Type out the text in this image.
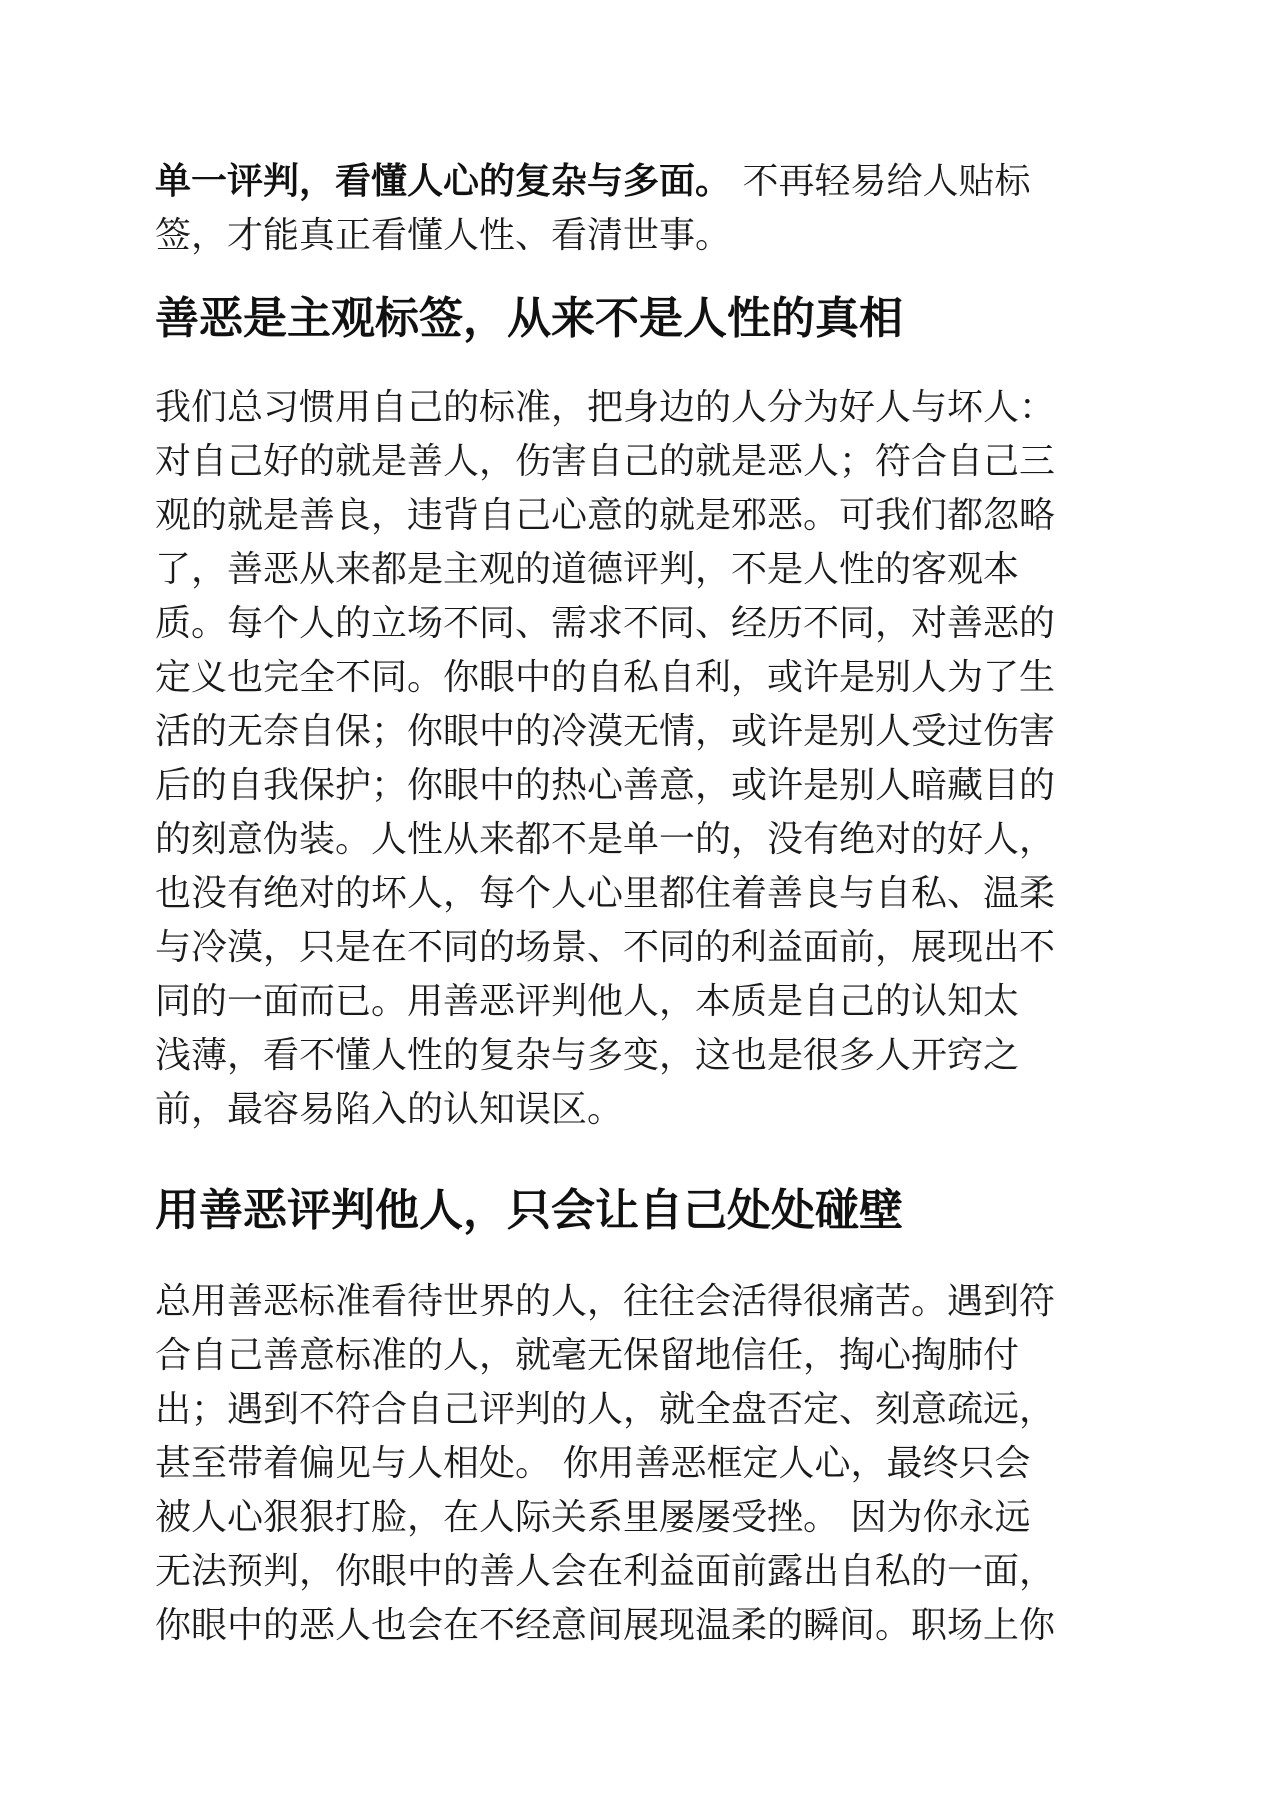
单一评判，看懂人心的复杂与多面。 不再轻易给人贴标
签，才能真正看懂人性、看清世事。

善恶是主观标签，从来不是人性的真相

我们总习惯用自己的标准，把身边的人分为好人与坏人：
对自己好的就是善人，伤害自己的就是恶人；符合自己三
观的就是善良，违背自己心意的就是邪恶。可我们都忽略
了，善恶从来都是主观的道德评判，不是人性的客观本
质。每个人的立场不同、需求不同、经历不同，对善恶的
定义也完全不同。你眼中的自私自利，或许是别人为了生
活的无奈自保；你眼中的冷漠无情，或许是别人受过伤害
后的自我保护；你眼中的热心善意，或许是别人暗藏目的
的刻意伪装。人性从来都不是单一的，没有绝对的好人，
也没有绝对的坏人，每个人心里都住着善良与自私、温柔
与冷漠，只是在不同的场景、不同的利益面前，展现出不
同的一面而已。用善恶评判他人，本质是自己的认知太
浅薄，看不懂人性的复杂与多变，这也是很多人开窍之
前，最容易陷入的认知误区。

用善恶评判他人，只会让自己处处碰壁

总用善恶标准看待世界的人，往往会活得很痛苦。遇到符
合自己善意标准的人，就毫无保留地信任，掏心掏肺付
出；遇到不符合自己评判的人，就全盘否定、刻意疏远，
甚至带着偏见与人相处。 你用善恶框定人心，最终只会
被人心狠狠打脸，在人际关系里屡屡受挫。 因为你永远
无法预判，你眼中的善人会在利益面前露出自私的一面，
你眼中的恶人也会在不经意间展现温柔的瞬间。职场上你
